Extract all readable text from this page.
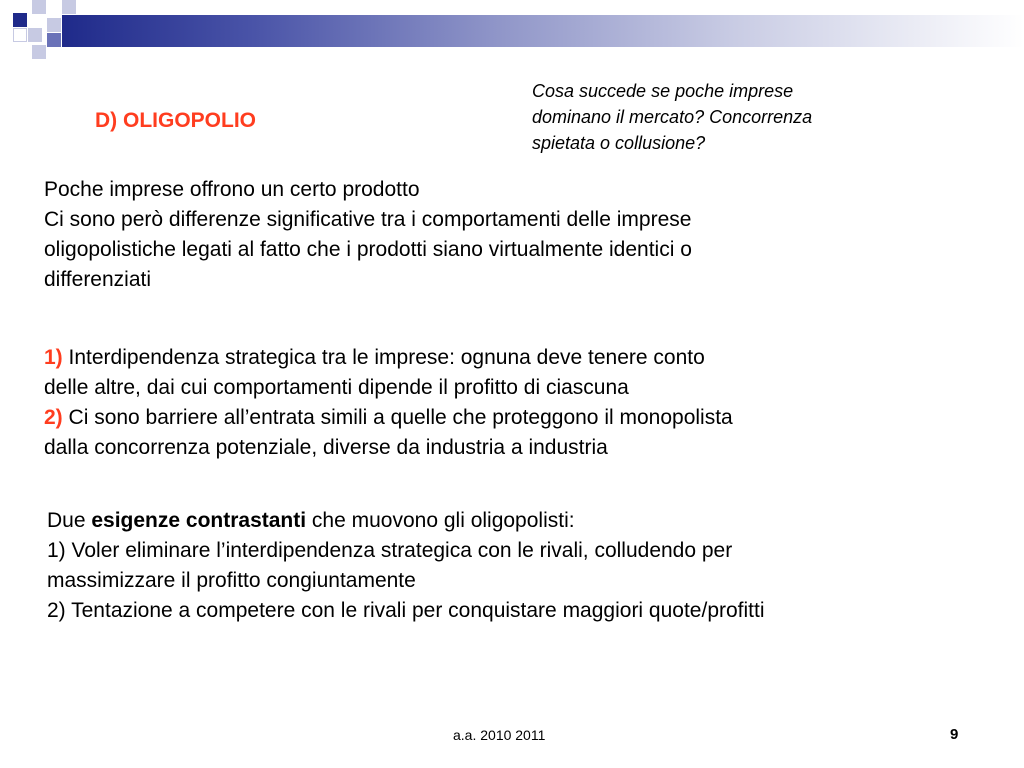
D) OLIGOPOLIO
Cosa succede se poche imprese
dominano il mercato? Concorrenza
spietata o collusione?
Poche imprese offrono un certo prodotto
Ci sono però differenze significative tra i comportamenti delle imprese
oligopolistiche legati al fatto che i prodotti siano virtualmente identici o
differenziati
1) Interdipendenza strategica tra le imprese: ognuna deve tenere conto
delle altre, dai cui comportamenti dipende il profitto di ciascuna
2) Ci sono barriere all’entrata simili a quelle che proteggono il monopolista
dalla concorrenza potenziale, diverse da industria a industria
Due esigenze contrastanti che muovono gli oligopolisti:
1) Voler eliminare l’interdipendenza strategica con le rivali, colludendo per
massimizzare il profitto congiuntamente
2) Tentazione a competere con le rivali per conquistare maggiori quote/profitti
a.a. 2010 2011	9
